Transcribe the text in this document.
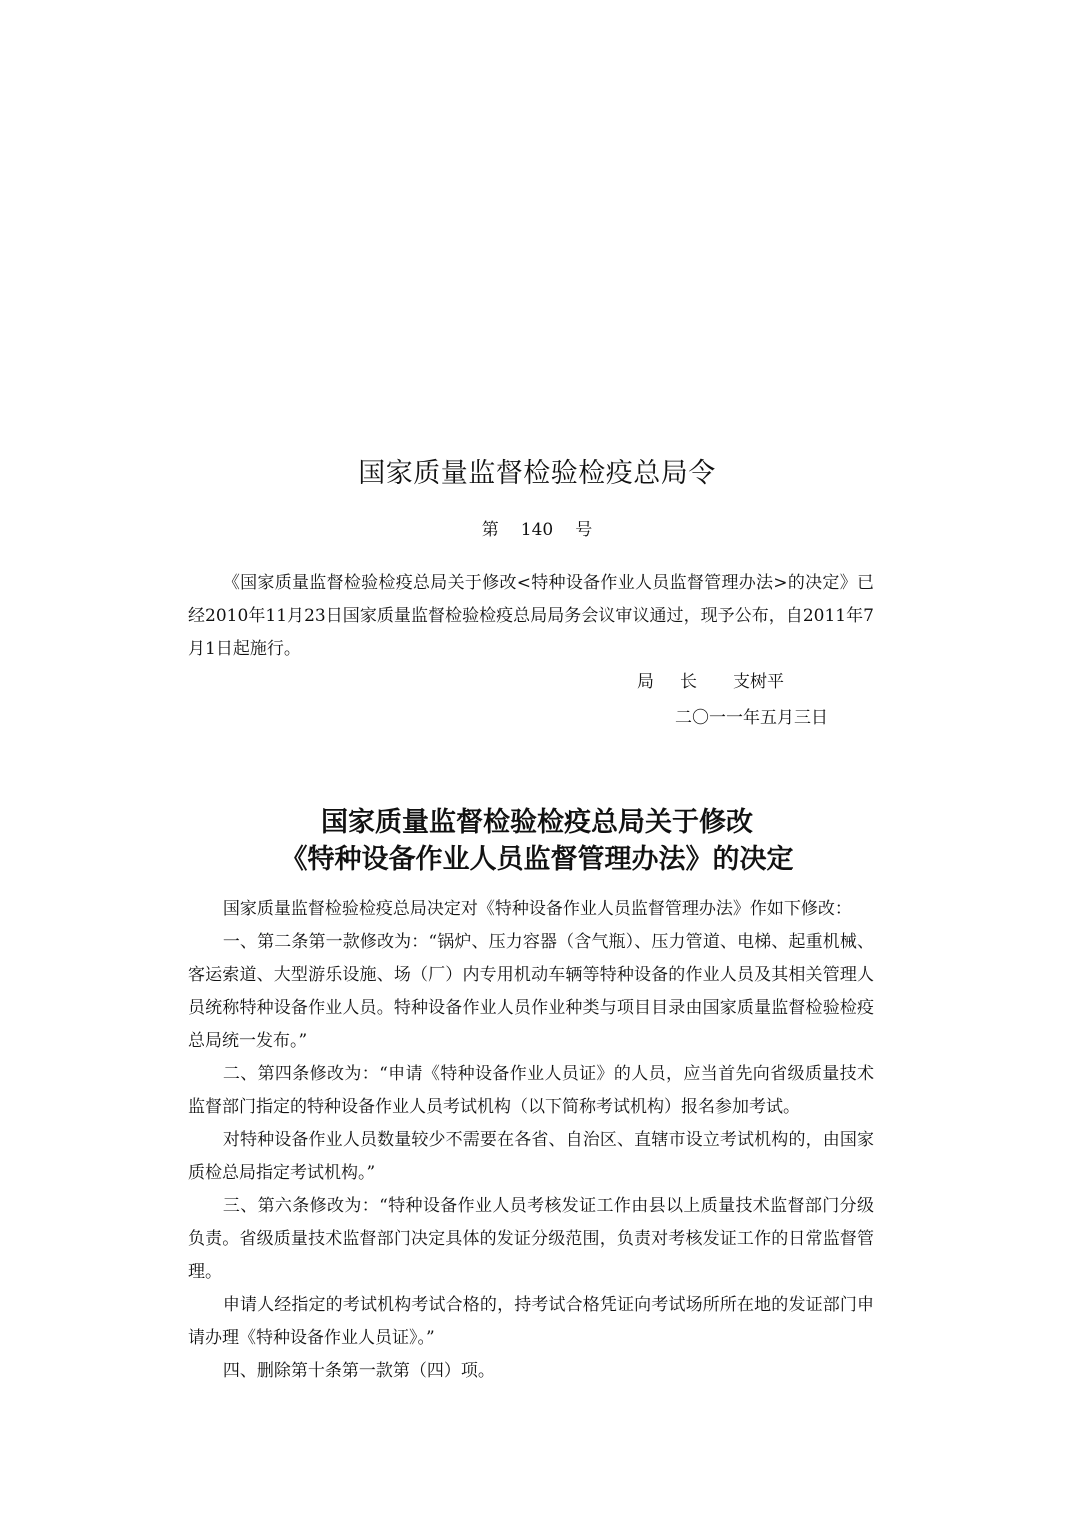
国家质量监督检验检疫总局令
第 140 号

《国家质量监督检验检疫总局关于修改<特种设备作业人员监督管理办法>的决定》已经2010年11月23日国家质量监督检验检疫总局局务会议审议通过，现予公布，自2011年7月1日起施行。

局 长 支树平
二〇一一年五月三日
国家质量监督检验检疫总局关于修改
《特种设备作业人员监督管理办法》的决定

国家质量监督检验检疫总局决定对《特种设备作业人员监督管理办法》作如下修改：

一、第二条第一款修改为：“锅炉、压力容器（含气瓶）、压力管道、电梯、起重机械、客运索道、大型游乐设施、场（厂）内专用机动车辆等特种设备的作业人员及其相关管理人员统称特种设备作业人员。特种设备作业人员作业种类与项目目录由国家质量监督检验检疫总局统一发布。”

二、第四条修改为：“申请《特种设备作业人员证》的人员，应当首先向省级质量技术监督部门指定的特种设备作业人员考试机构（以下简称考试机构）报名参加考试。

对特种设备作业人员数量较少不需要在各省、自治区、直辖市设立考试机构的，由国家质检总局指定考试机构。”

三、第六条修改为：“特种设备作业人员考核发证工作由县以上质量技术监督部门分级负责。省级质量技术监督部门决定具体的发证分级范围，负责对考核发证工作的日常监督管理。

申请人经指定的考试机构考试合格的，持考试合格凭证向考试场所所在地的发证部门申请办理《特种设备作业人员证》。”

四、删除第十条第一款第（四）项。
